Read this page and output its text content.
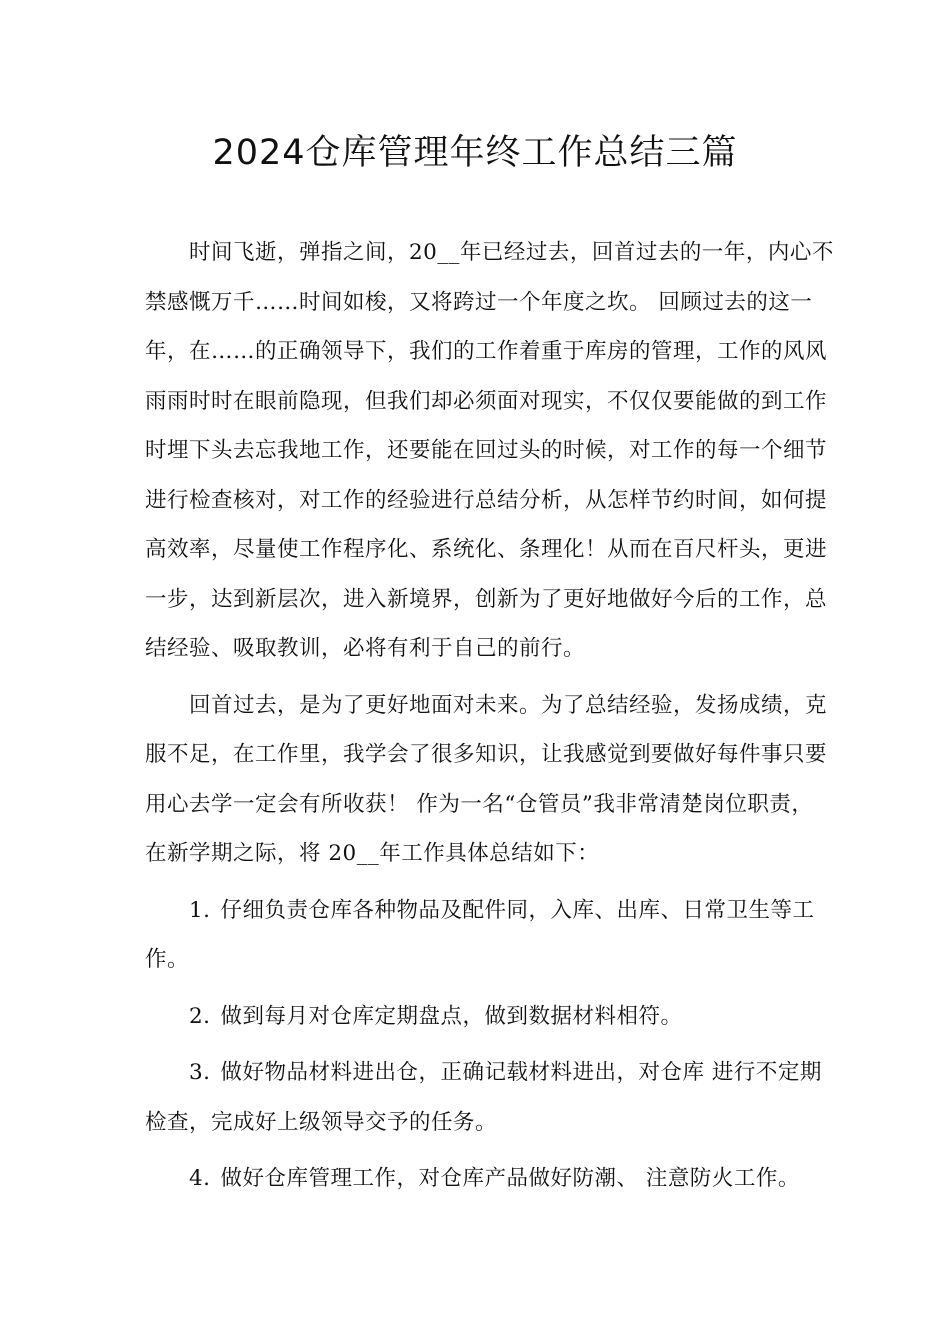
2024仓库管理年终工作总结三篇

时间飞逝，弹指之间，20__年已经过去，回首过去的一年，内心不禁感慨万千……时间如梭，又将跨过一个年度之坎。 回顾过去的这一年，在……的正确领导下，我们的工作着重于库房的管理，工作的风风雨雨时时在眼前隐现，但我们却必须面对现实，不仅仅要能做的到工作时埋下头去忘我地工作，还要能在回过头的时候，对工作的每一个细节进行检查核对，对工作的经验进行总结分析，从怎样节约时间，如何提高效率，尽量使工作程序化、系统化、条理化！从而在百尺杆头，更进一步，达到新层次，进入新境界，创新为了更好地做好今后的工作，总结经验、吸取教训，必将有利于自己的前行。

回首过去，是为了更好地面对未来。为了总结经验，发扬成绩，克服不足，在工作里，我学会了很多知识，让我感觉到要做好每件事只要用心去学一定会有所收获！ 作为一名“仓管员”我非常清楚岗位职责，在新学期之际，将 20__年工作具体总结如下：

1. 仔细负责仓库各种物品及配件同，入库、出库、日常卫生等工作。

2. 做到每月对仓库定期盘点，做到数据材料相符。

3. 做好物品材料进出仓，正确记载材料进出，对仓库 进行不定期检查，完成好上级领导交予的任务。

4. 做好仓库管理工作，对仓库产品做好防潮、 注意防火工作。
